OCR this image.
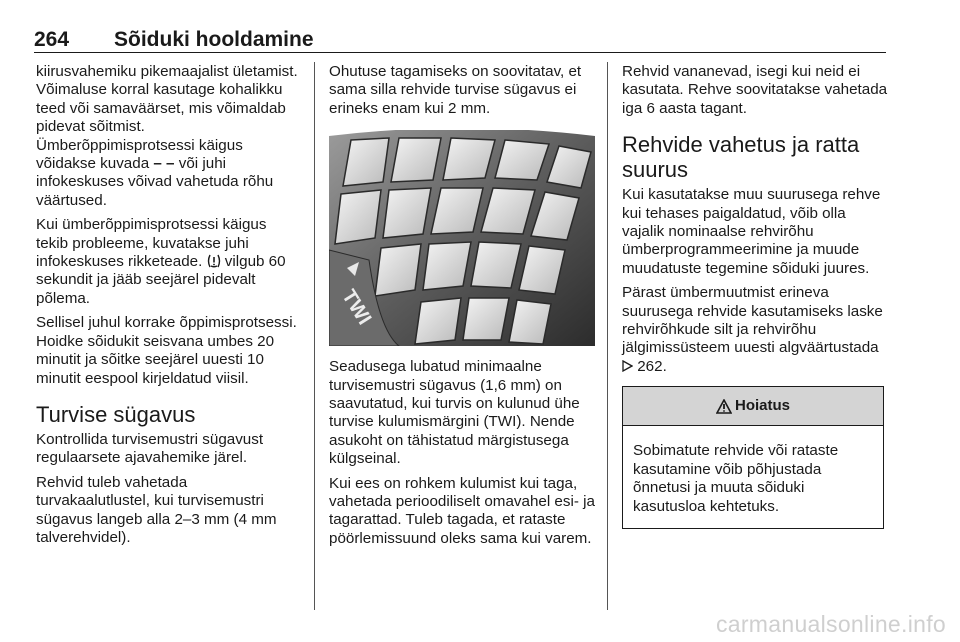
264 Sõiduki hooldamine

kiirusvahemiku pikemaajalist ületamist. Võimaluse korral kasutage kohalikku teed või samaväärset, mis võimaldab pidevat sõitmist. Ümberõppimisprotsessi käigus võidakse kuvada – – või juhi infokeskuses võivad vahetuda rõhu väärtused.

Kui ümberõppimisprotsessi käigus tekib probleeme, kuvatakse juhi infokeskuses rikketeade. vilgub 60 sekundit ja jääb seejärel pidevalt põlema.

Sellisel juhul korrake õppimisprotsessi. Hoidke sõidukit seisvana umbes 20 minutit ja sõitke seejärel uuesti 10 minutit eespool kirjeldatud viisil.

Turvise sügavus

Kontrollida turvisemustri sügavust regulaarsete ajavahemike järel.

Rehvid tuleb vahetada turvakaalutlustel, kui turvisemustri sügavus langeb alla 2–3 mm (4 mm talverehvidel).

Ohutuse tagamiseks on soovitatav, et sama silla rehvide turvise sügavus ei erineks enam kui 2 mm.

TWI

Seadusega lubatud minimaalne turvisemustri sügavus (1,6 mm) on saavutatud, kui turvis on kulunud ühe turvise kulumismärgini (TWI). Nende asukoht on tähistatud märgistusega külgseinal.

Kui ees on rohkem kulumist kui taga, vahetada perioodiliselt omavahel esi- ja tagarattad. Tuleb tagada, et rataste pöörlemissuund oleks sama kui varem.

Rehvid vananevad, isegi kui neid ei kasutata. Rehve soovitatakse vahetada iga 6 aasta tagant.

Rehvide vahetus ja ratta suurus

Kui kasutatakse muu suurusega rehve kui tehases paigaldatud, võib olla vajalik nominaalse rehvirõhu ümberprogrammeerimine ja muude muudatuste tegemine sõiduki juures.

Pärast ümbermuutmist erineva suurusega rehvide kasutamiseks laske rehvirõhkude silt ja rehvirõhu jälgimissüsteem uuesti algväärtustada  262.

Hoiatus
Sobimatute rehvide või rataste kasutamine võib põhjustada õnnetusi ja muuta sõiduki kasutusloa kehtetuks.
carmanualsonline.info
